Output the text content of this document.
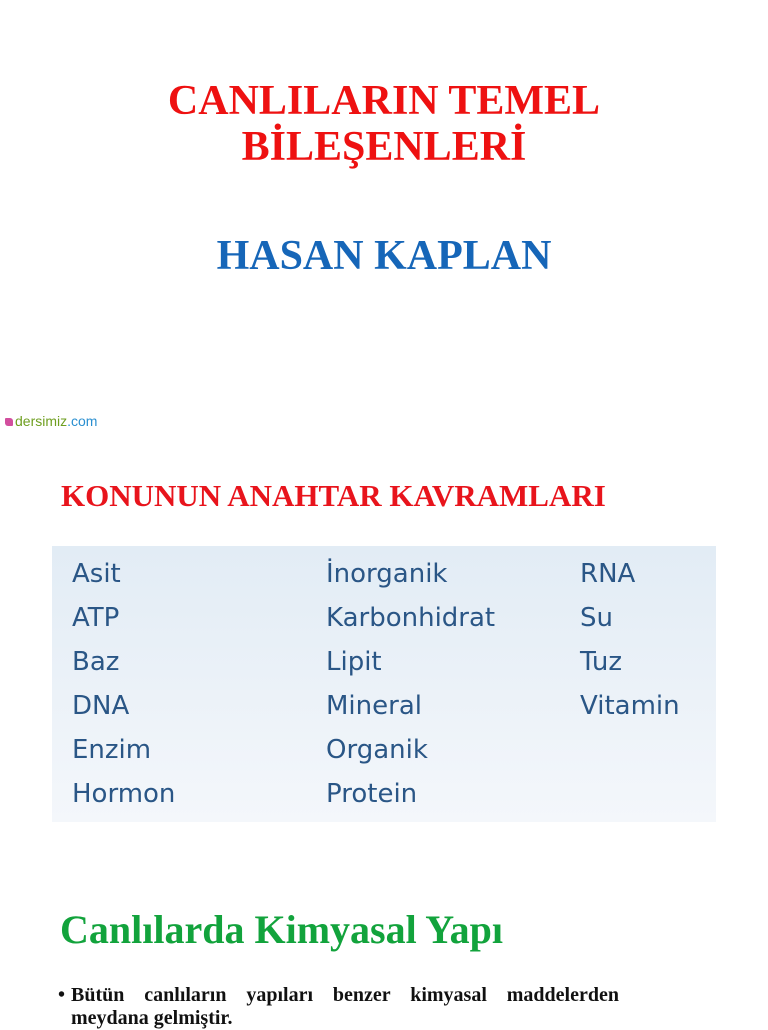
CANLILARIN TEMEL
BİLEŞENLERİ
HASAN KAPLAN
dersimiz.com
KONUNUN ANAHTAR KAVRAMLARI
Asit
ATP
Baz
DNA
Enzim
Hormon
İnorganik
Karbonhidrat
Lipit
Mineral
Organik
Protein
RNA
Su
Tuz
Vitamin
Canlılarda Kimyasal Yapı
• Bütün canlıların yapıları benzer kimyasal maddelerden
meydana gelmiştir.
